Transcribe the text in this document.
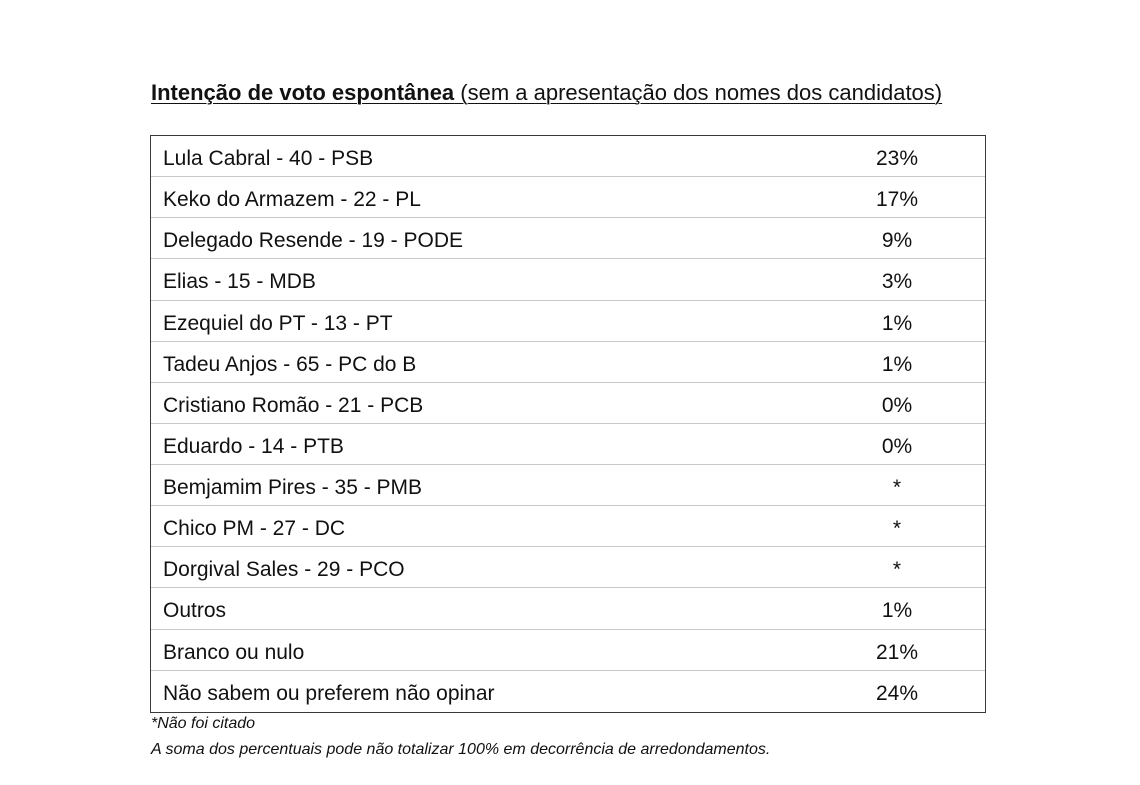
Intenção de voto espontânea (sem a apresentação dos nomes dos candidatos)
Lula Cabral - 40 - PSB	23%
Keko do Armazem - 22 - PL	17%
Delegado Resende - 19 - PODE	9%
Elias - 15 - MDB	3%
Ezequiel do PT - 13 - PT	1%
Tadeu Anjos - 65 - PC do B	1%
Cristiano Romão - 21 - PCB	0%
Eduardo - 14 - PTB	0%
Bemjamim Pires - 35 - PMB	*
Chico PM - 27 - DC	*
Dorgival Sales - 29 - PCO	*
Outros	1%
Branco ou nulo	21%
Não sabem ou preferem não opinar	24%
*Não foi citado
A soma dos percentuais pode não totalizar 100% em decorrência de arredondamentos.
